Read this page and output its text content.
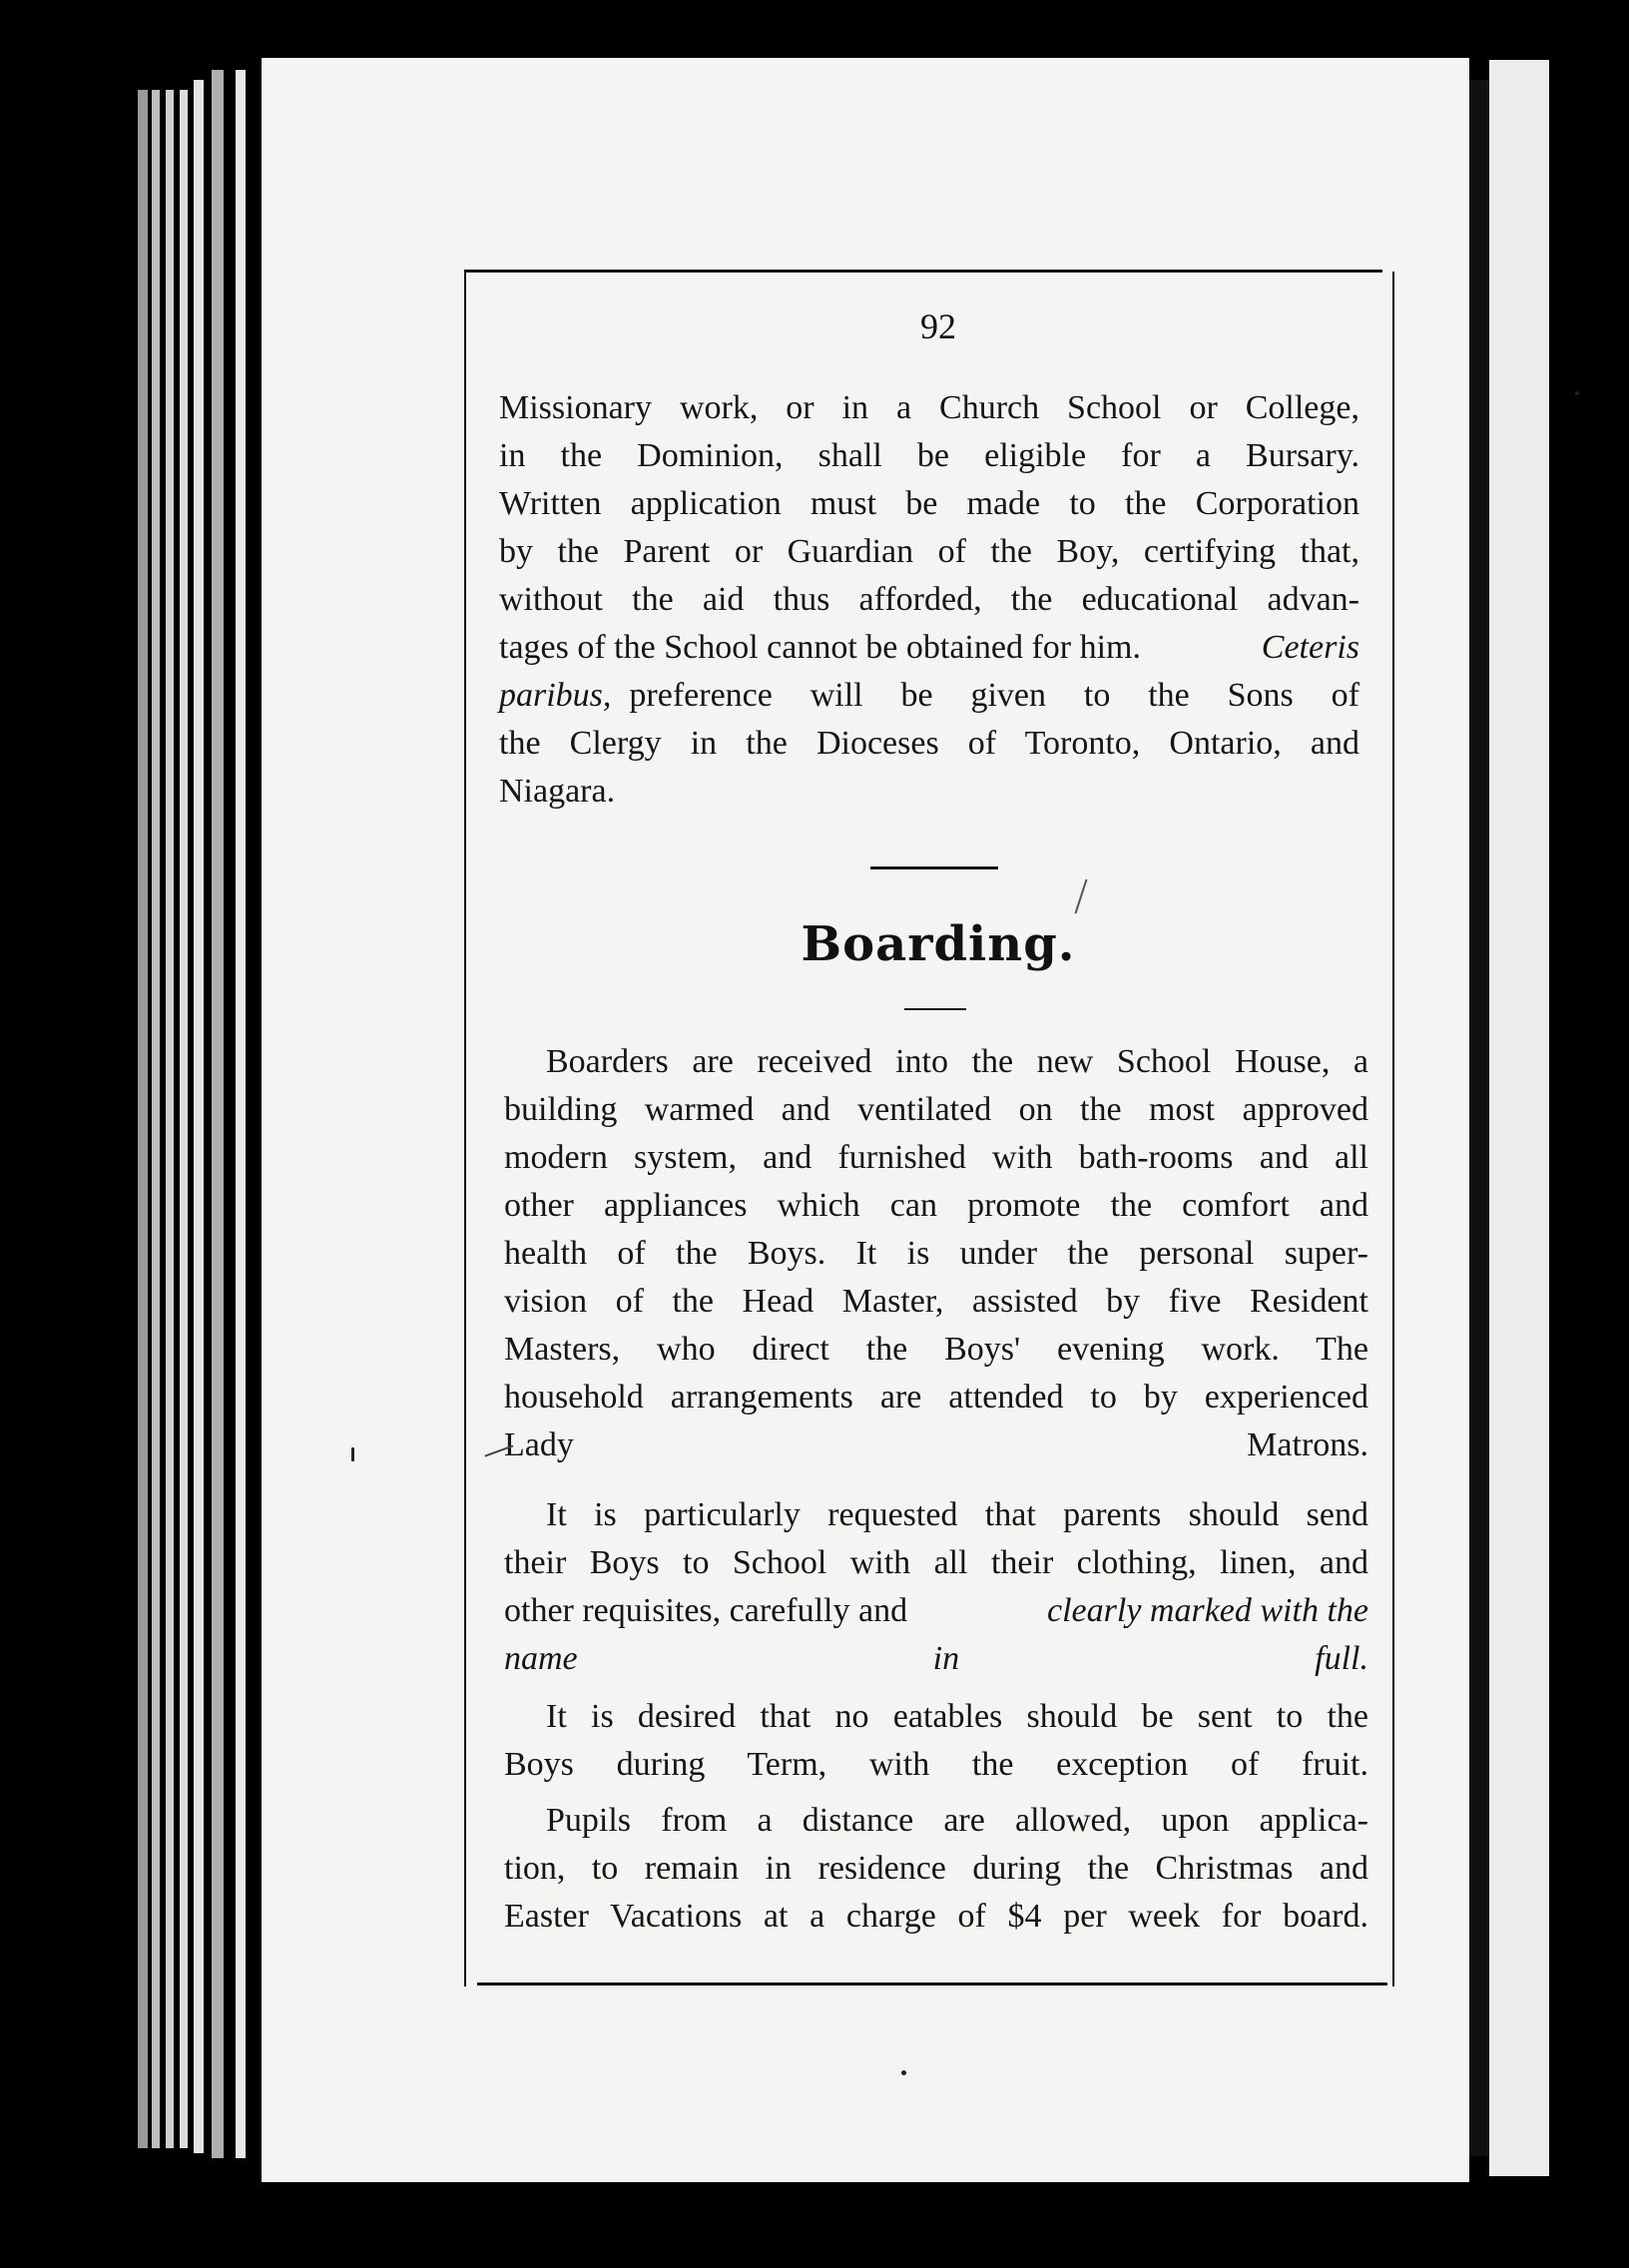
92
Missionary work, or in a Church School or College,
in the Dominion, shall be eligible for a Bursary.
Written application must be made to the Corporation
by the Parent or Guardian of the Boy, certifying that,
without the aid thus afforded, the educational advan-
tages of the School cannot be obtained for him.	Ceteris
paribus, preference will be given to the Sons of
the Clergy in the Dioceses of Toronto, Ontario, and
Niagara.
Boarding.
Boarders are received into the new School House, a
building warmed and ventilated on the most approved
modern system, and furnished with bath-rooms and all
other appliances which can promote the comfort and
health of the Boys. It is under the personal super-
vision of the Head Master, assisted by five Resident
Masters, who direct the Boys' evening work. The
household arrangements are attended to by experienced
Lady Matrons.
It is particularly requested that parents should send
their Boys to School with all their clothing, linen, and
other requisites, carefully and	clearly marked with the
name in full.
It is desired that no eatables should be sent to the
Boys during Term, with the exception of fruit.
Pupils from a distance are allowed, upon applica-
tion, to remain in residence during the Christmas and
Easter Vacations at a charge of $4 per week for board.
